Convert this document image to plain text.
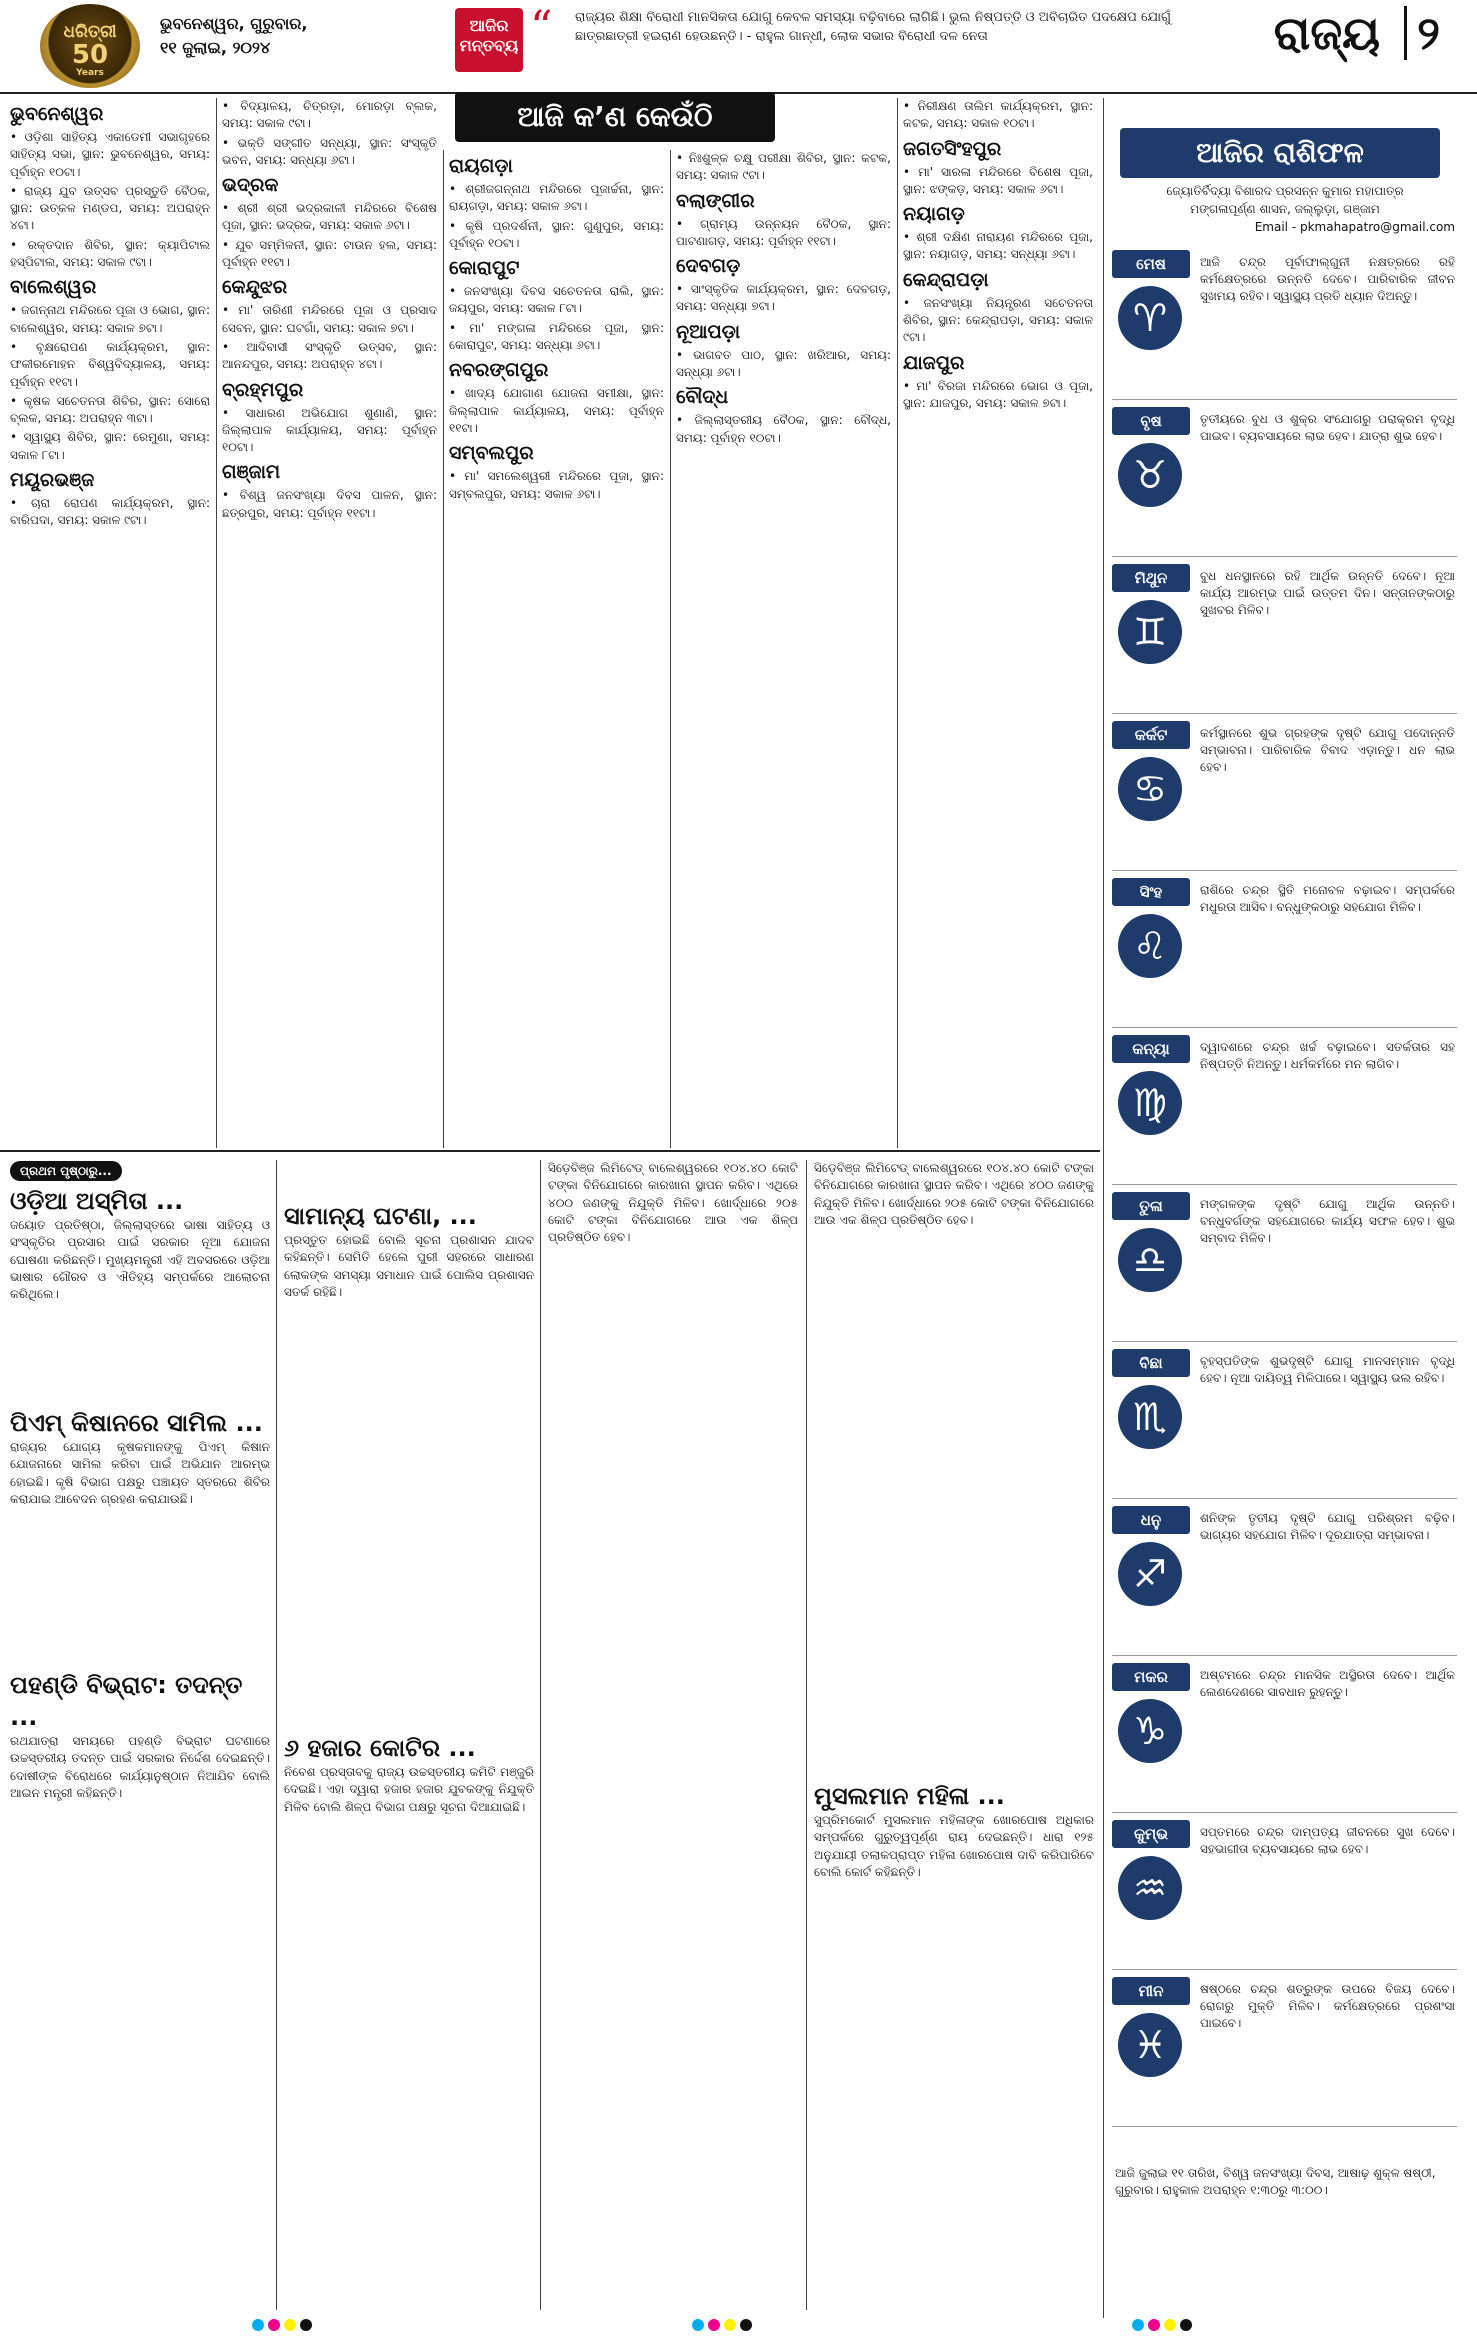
ଧରିତ୍ରୀ
50
Years
ଭୁବନେଶ୍ୱର, ଗୁରୁବାର,
୧୧ ଜୁଲାଇ, ୨୦୨୪
ଆଜିର
ମନ୍ତବ୍ୟ “ ରାଜ୍ୟର ଶିକ୍ଷା ବିରୋଧୀ ମାନସିକତା ଯୋଗୁ କେବଳ ସମସ୍ୟା ବଢ଼ିବାରେ ଲାଗିଛି। ଭୁଲ ନିଷ୍ପତ୍ତି ଓ ଅବିଚାରିତ ପଦକ୍ଷେପ ଯୋଗୁଁ ଛାତ୍ରଛାତ୍ରୀ ହଇରାଣ ହେଉଛନ୍ତି। - ରାହୁଲ ଗାନ୍ଧୀ, ଲୋକ ସଭାର ବିରୋଧୀ ଦଳ ନେତା	ରାଜ୍ୟ ୨
ଆଜି କ’ଣ କେଉଁଠି
ଭୁବନେଶ୍ୱର

• ଓଡ଼ିଶା ସାହିତ୍ୟ ଏକାଡେମୀ ସଭାଗୃହରେ ସାହିତ୍ୟ ସଭା, ସ୍ଥାନ: ଭୁବନେଶ୍ୱର, ସମୟ: ପୂର୍ବାହ୍ନ ୧୦ଟା।

• ରାଜ୍ୟ ଯୁବ ଉତ୍ସବ ପ୍ରସ୍ତୁତି ବୈଠକ, ସ୍ଥାନ: ଉତ୍କଳ ମଣ୍ଡପ, ସମୟ: ଅପରାହ୍ନ ୪ଟା।

• ରକ୍ତଦାନ ଶିବିର, ସ୍ଥାନ: କ୍ୟାପିଟାଲ ହସ୍ପିଟାଲ, ସମୟ: ସକାଳ ୯ଟା।

ବାଲେଶ୍ୱର

• ଜଗନ୍ନାଥ ମନ୍ଦିରରେ ପୂଜା ଓ ଭୋଗ, ସ୍ଥାନ: ବାଲେଶ୍ୱର, ସମୟ: ସକାଳ ୭ଟା।

• ବୃକ୍ଷରୋପଣ କାର୍ଯ୍ୟକ୍ରମ, ସ୍ଥାନ: ଫକୀରମୋହନ ବିଶ୍ୱବିଦ୍ୟାଳୟ, ସମୟ: ପୂର୍ବାହ୍ନ ୧୧ଟା।

• କୃଷକ ସଚେତନତା ଶିବିର, ସ୍ଥାନ: ସୋରୋ ବ୍ଲକ, ସମୟ: ଅପରାହ୍ନ ୩ଟା।

• ସ୍ୱାସ୍ଥ୍ୟ ଶିବିର, ସ୍ଥାନ: ରେମୁଣା, ସମୟ: ସକାଳ ୮ଟା।

ମୟୂରଭଞ୍ଜ

• ଚାରା ରୋପଣ କାର୍ଯ୍ୟକ୍ରମ, ସ୍ଥାନ: ବାରିପଦା, ସମୟ: ସକାଳ ୯ଟା।

• ବିଦ୍ୟାଳୟ, ଚିତ୍ରଡ଼ା, ମୋରଡ଼ା ବ୍ଲକ, ସମୟ: ସକାଳ ୯ଟା।

• ଭକ୍ତି ସଙ୍ଗୀତ ସନ୍ଧ୍ୟା, ସ୍ଥାନ: ସଂସ୍କୃତି ଭବନ, ସମୟ: ସନ୍ଧ୍ୟା ୬ଟା।

ଭଦ୍ରକ

• ଶ୍ରୀ ଶ୍ରୀ ଭଦ୍ରକାଳୀ ମନ୍ଦିରରେ ବିଶେଷ ପୂଜା, ସ୍ଥାନ: ଭଦ୍ରକ, ସମୟ: ସକାଳ ୬ଟା।

• ଯୁବ ସମ୍ମିଳନୀ, ସ୍ଥାନ: ଟାଉନ ହଲ, ସମୟ: ପୂର୍ବାହ୍ନ ୧୧ଟା।

କେନ୍ଦୁଝର

• ମା' ତାରିଣୀ ମନ୍ଦିରରେ ପୂଜା ଓ ପ୍ରସାଦ ସେବନ, ସ୍ଥାନ: ଘଟଗାଁ, ସମୟ: ସକାଳ ୭ଟା।

• ଆଦିବାସୀ ସଂସ୍କୃତି ଉତ୍ସବ, ସ୍ଥାନ: ଆନନ୍ଦପୁର, ସମୟ: ଅପରାହ୍ନ ୪ଟା।

ବ୍ରହ୍ମପୁର

• ସାଧାରଣ ଅଭିଯୋଗ ଶୁଣାଣି, ସ୍ଥାନ: ଜିଲ୍ଲାପାଳ କାର୍ଯ୍ୟାଳୟ, ସମୟ: ପୂର୍ବାହ୍ନ ୧୦ଟା।

ଗଞ୍ଜାମ

• ବିଶ୍ୱ ଜନସଂଖ୍ୟା ଦିବସ ପାଳନ, ସ୍ଥାନ: ଛତ୍ରପୁର, ସମୟ: ପୂର୍ବାହ୍ନ ୧୧ଟା।

ରାୟଗଡ଼ା

• ଶ୍ରୀଜଗନ୍ନାଥ ମନ୍ଦିରରେ ପୂଜାର୍ଚ୍ଚନା, ସ୍ଥାନ: ରାୟଗଡ଼ା, ସମୟ: ସକାଳ ୬ଟା।

• କୃଷି ପ୍ରଦର୍ଶନୀ, ସ୍ଥାନ: ଗୁଣୁପୁର, ସମୟ: ପୂର୍ବାହ୍ନ ୧୦ଟା।

କୋରାପୁଟ

• ଜନସଂଖ୍ୟା ଦିବସ ସଚେତନତା ରାଲି, ସ୍ଥାନ: ଜୟପୁର, ସମୟ: ସକାଳ ୮ଟା।

• ମା' ମଙ୍ଗଳା ମନ୍ଦିରରେ ପୂଜା, ସ୍ଥାନ: କୋରାପୁଟ, ସମୟ: ସନ୍ଧ୍ୟା ୬ଟା।

ନବରଙ୍ଗପୁର

• ଖାଦ୍ୟ ଯୋଗାଣ ଯୋଜନା ସମୀକ୍ଷା, ସ୍ଥାନ: ଜିଲ୍ଲାପାଳ କାର୍ଯ୍ୟାଳୟ, ସମୟ: ପୂର୍ବାହ୍ନ ୧୧ଟା।

ସମ୍ବଲପୁର

• ମା' ସମଲେଶ୍ୱରୀ ମନ୍ଦିରରେ ପୂଜା, ସ୍ଥାନ: ସମ୍ବଲପୁର, ସମୟ: ସକାଳ ୬ଟା।

• ନିଃଶୁଳ୍କ ଚକ୍ଷୁ ପରୀକ୍ଷା ଶିବିର, ସ୍ଥାନ: କଟକ, ସମୟ: ସକାଳ ୯ଟା।

ବଲାଙ୍ଗୀର

• ଗ୍ରାମ୍ୟ ଉନ୍ନୟନ ବୈଠକ, ସ୍ଥାନ: ପାଟଣାଗଡ଼, ସମୟ: ପୂର୍ବାହ୍ନ ୧୧ଟା।

ଦେବଗଡ଼

• ସାଂସ୍କୃତିକ କାର୍ଯ୍ୟକ୍ରମ, ସ୍ଥାନ: ଦେବଗଡ଼, ସମୟ: ସନ୍ଧ୍ୟା ୭ଟା।

ନୂଆପଡ଼ା

• ଭାଗବତ ପାଠ, ସ୍ଥାନ: ଖରିଆର, ସମୟ: ସନ୍ଧ୍ୟା ୬ଟା।

ବୌଦ୍ଧ

• ଜିଲ୍ଲାସ୍ତରୀୟ ବୈଠକ, ସ୍ଥାନ: ବୌଦ୍ଧ, ସମୟ: ପୂର୍ବାହ୍ନ ୧୦ଟା।

• ନିରୀକ୍ଷଣ ତାଲିମ କାର୍ଯ୍ୟକ୍ରମ, ସ୍ଥାନ: କଟକ, ସମୟ: ସକାଳ ୧୦ଟା।

ଜଗତସିଂହପୁର

• ମା' ସାରଳା ମନ୍ଦିରରେ ବିଶେଷ ପୂଜା, ସ୍ଥାନ: ଝଙ୍କଡ଼, ସମୟ: ସକାଳ ୬ଟା।

ନୟାଗଡ଼

• ଶ୍ରୀ ଦକ୍ଷିଣ ନାରାୟଣ ମନ୍ଦିରରେ ପୂଜା, ସ୍ଥାନ: ନୟାଗଡ଼, ସମୟ: ସନ୍ଧ୍ୟା ୬ଟା।

କେନ୍ଦ୍ରାପଡ଼ା

• ଜନସଂଖ୍ୟା ନିୟନ୍ତ୍ରଣ ସଚେତନତା ଶିବିର, ସ୍ଥାନ: କେନ୍ଦ୍ରାପଡ଼ା, ସମୟ: ସକାଳ ୯ଟା।

ଯାଜପୁର

• ମା' ବିରଜା ମନ୍ଦିରରେ ଭୋଗ ଓ ପୂଜା, ସ୍ଥାନ: ଯାଜପୁର, ସମୟ: ସକାଳ ୭ଟା।

ପ୍ରଥମ ପୃଷ୍ଠାରୁ...
ଓଡ଼ିଆ ଅସ୍ମିତା ...
ଜୟୋତ ପ୍ରତିଷ୍ଠା, ଜିଲ୍ଲାସ୍ତରେ ଭାଷା ସାହିତ୍ୟ ଓ ସଂସ୍କୃତିର ପ୍ରସାର ପାଇଁ ସରକାର ନୂଆ ଯୋଜନା ଘୋଷଣା କରିଛନ୍ତି। ମୁଖ୍ୟମନ୍ତ୍ରୀ ଏହି ଅବସରରେ ଓଡ଼ିଆ ଭାଷାର ଗୌରବ ଓ ଐତିହ୍ୟ ସମ୍ପର୍କରେ ଆଲୋଚନା କରିଥିଲେ।
ପିଏମ୍ କିଷାନରେ ସାମିଲ ...
ରାଜ୍ୟର ଯୋଗ୍ୟ କୃଷକମାନଙ୍କୁ ପିଏମ୍ କିଷାନ ଯୋଜନାରେ ସାମିଲ କରିବା ପାଇଁ ଅଭିଯାନ ଆରମ୍ଭ ହୋଇଛି। କୃଷି ବିଭାଗ ପକ୍ଷରୁ ପଞ୍ଚାୟତ ସ୍ତରରେ ଶିବିର କରାଯାଇ ଆବେଦନ ଗ୍ରହଣ କରାଯାଉଛି।
ପହଣ୍ଡି ବିଭ୍ରାଟ: ତଦନ୍ତ ...
ରଥଯାତ୍ରା ସମୟରେ ପହଣ୍ଡି ବିଭ୍ରାଟ ଘଟଣାରେ ଉଚ୍ଚସ୍ତରୀୟ ତଦନ୍ତ ପାଇଁ ସରକାର ନିର୍ଦ୍ଦେଶ ଦେଇଛନ୍ତି। ଦୋଷୀଙ୍କ ବିରୋଧରେ କାର୍ଯ୍ୟାନୁଷ୍ଠାନ ନିଆଯିବ ବୋଲି ଆଇନ ମନ୍ତ୍ରୀ କହିଛନ୍ତି।
ସାମାନ୍ୟ ଘଟଣା, ...
ପ୍ରସ୍ତୁତ ହୋଇଛି ବୋଲି ସୂଚନା ପ୍ରଶାସନ ଯାଦବ କହିଛନ୍ତି। ସେମିତି ହେଲେ ପୁରୀ ସହରରେ ସାଧାରଣ ଲୋକଙ୍କ ସମସ୍ୟା ସମାଧାନ ପାଇଁ ପୋଲିସ ପ୍ରଶାସନ ସତର୍କ ରହିଛି।
୬ ହଜାର କୋଟିର ...
ନିବେଶ ପ୍ରସ୍ତାବକୁ ରାଜ୍ୟ ଉଚ୍ଚସ୍ତରୀୟ କମିଟି ମଞ୍ଜୁରି ଦେଇଛି। ଏହା ଦ୍ୱାରା ହଜାର ହଜାର ଯୁବକଙ୍କୁ ନିଯୁକ୍ତି ମିଳିବ ବୋଲି ଶିଳ୍ପ ବିଭାଗ ପକ୍ଷରୁ ସୂଚନା ଦିଆଯାଇଛି।
ସିଡ଼େବିଞ୍ଜ ଲିମିଟେଡ୍ ବାଲେଶ୍ୱରରେ ୧୦୪.୪୦ କୋଟି ଟଙ୍କା ବିନିଯୋଗରେ କାରଖାନା ସ୍ଥାପନ କରିବ। ଏଥିରେ ୪୦୦ ଜଣଙ୍କୁ ନିଯୁକ୍ତି ମିଳିବ। ଖୋର୍ଦ୍ଧାରେ ୨୦୫ କୋଟି ଟଙ୍କା ବିନିଯୋଗରେ ଆଉ ଏକ ଶିଳ୍ପ ପ୍ରତିଷ୍ଠିତ ହେବ।
ସିଡ଼େବିଞ୍ଜ ଲିମିଟେଡ୍ ବାଲେଶ୍ୱରରେ ୧୦୪.୪୦ କୋଟି ଟଙ୍କା ବିନିଯୋଗରେ କାରଖାନା ସ୍ଥାପନ କରିବ। ଏଥିରେ ୪୦୦ ଜଣଙ୍କୁ ନିଯୁକ୍ତି ମିଳିବ। ଖୋର୍ଦ୍ଧାରେ ୨୦୫ କୋଟି ଟଙ୍କା ବିନିଯୋଗରେ ଆଉ ଏକ ଶିଳ୍ପ ପ୍ରତିଷ୍ଠିତ ହେବ।
ମୁସଲମାନ ମହିଳା ...
ସୁପ୍ରିମକୋର୍ଟ ମୁସଲମାନ ମହିଳାଙ୍କ ଖୋରପୋଷ ଅଧିକାର ସମ୍ପର୍କରେ ଗୁରୁତ୍ୱପୂର୍ଣ୍ଣ ରାୟ ଦେଇଛନ୍ତି। ଧାରା ୧୨୫ ଅନୁଯାୟୀ ତଲାକପ୍ରାପ୍ତ ମହିଳା ଖୋରପୋଷ ଦାବି କରିପାରିବେ ବୋଲି କୋର୍ଟ କହିଛନ୍ତି।
ଆଜିର ରାଶିଫଳ
ଜ୍ୟୋତିର୍ବିଦ୍ୟା ବିଶାରଦ ପ୍ରସନ୍ନ କୁମାର ମହାପାତ୍ର
ମଙ୍ଗଳାପୂର୍ଣ୍ଣ ଶାସନ, ଜଲ୍ଲୁଡ଼ା, ଗଞ୍ଜାମ
Email - pkmahapatro@gmail.com
ମେଷ
♈
ଆଜି ଚନ୍ଦ୍ର ପୂର୍ବାଫାଲ୍ଗୁନୀ ନକ୍ଷତ୍ରରେ ରହି କର୍ମକ୍ଷେତ୍ରରେ ଉନ୍ନତି ଦେବେ। ପାରିବାରିକ ଜୀବନ ସୁଖମୟ ରହିବ। ସ୍ୱାସ୍ଥ୍ୟ ପ୍ରତି ଧ୍ୟାନ ଦିଅନ୍ତୁ।
ବୃଷ
♉
ତୃତୀୟରେ ବୁଧ ଓ ଶୁକ୍ର ସଂଯୋଗରୁ ପରାକ୍ରମ ବୃଦ୍ଧି ପାଇବ। ବ୍ୟବସାୟରେ ଲାଭ ହେବ। ଯାତ୍ରା ଶୁଭ ହେବ।
ମିଥୁନ
♊
ବୁଧ ଧନସ୍ଥାନରେ ରହି ଆର୍ଥିକ ଉନ୍ନତି ଦେବେ। ନୂଆ କାର୍ଯ୍ୟ ଆରମ୍ଭ ପାଇଁ ଉତ୍ତମ ଦିନ। ସନ୍ତାନଙ୍କଠାରୁ ସୁଖବର ମିଳିବ।
କର୍କଟ
♋
କର୍ମସ୍ଥାନରେ ଶୁଭ ଗ୍ରହଙ୍କ ଦୃଷ୍ଟି ଯୋଗୁ ପଦୋନ୍ନତି ସମ୍ଭାବନା। ପାରିବାରିକ ବିବାଦ ଏଡ଼ାନ୍ତୁ। ଧନ ଲାଭ ହେବ।
ସିଂହ
♌
ରାଶିରେ ଚନ୍ଦ୍ର ସ୍ଥିତି ମନୋବଳ ବଢ଼ାଇବ। ସମ୍ପର୍କରେ ମଧୁରତା ଆସିବ। ବନ୍ଧୁଙ୍କଠାରୁ ସହଯୋଗ ମିଳିବ।
କନ୍ୟା
♍
ଦ୍ୱାଦଶରେ ଚନ୍ଦ୍ର ଖର୍ଚ୍ଚ ବଢ଼ାଇବେ। ସତର୍କତାର ସହ ନିଷ୍ପତ୍ତି ନିଅନ୍ତୁ। ଧର୍ମକର୍ମରେ ମନ ଲାଗିବ।
ତୁଳା
♎
ମଙ୍ଗଳଙ୍କ ଦୃଷ୍ଟି ଯୋଗୁ ଆର୍ଥିକ ଉନ୍ନତି। ବନ୍ଧୁବର୍ଗଙ୍କ ସହଯୋଗରେ କାର୍ଯ୍ୟ ସଫଳ ହେବ। ଶୁଭ ସମ୍ବାଦ ମିଳିବ।
ବିଛା
♏
ବୃହସ୍ପତିଙ୍କ ଶୁଭଦୃଷ୍ଟି ଯୋଗୁ ମାନସମ୍ମାନ ବୃଦ୍ଧି ହେବ। ନୂଆ ଦାୟିତ୍ୱ ମିଳିପାରେ। ସ୍ୱାସ୍ଥ୍ୟ ଭଲ ରହିବ।
ଧନୁ
♐
ଶନିଙ୍କ ତୃତୀୟ ଦୃଷ୍ଟି ଯୋଗୁ ପରିଶ୍ରମ ବଢ଼ିବ। ଭାଗ୍ୟର ସହଯୋଗ ମିଳିବ। ଦୂରଯାତ୍ରା ସମ୍ଭାବନା।
ମକର
♑
ଅଷ୍ଟମରେ ଚନ୍ଦ୍ର ମାନସିକ ଅସ୍ଥିରତା ଦେବେ। ଆର୍ଥିକ ଲେଣଦେଣରେ ସାବଧାନ ରୁହନ୍ତୁ।
କୁମ୍ଭ
♒
ସପ୍ତମରେ ଚନ୍ଦ୍ର ଦାମ୍ପତ୍ୟ ଜୀବନରେ ସୁଖ ଦେବେ। ସହଭାଗୀତା ବ୍ୟବସାୟରେ ଲାଭ ହେବ।
ମୀନ
♓
ଷଷ୍ଠରେ ଚନ୍ଦ୍ର ଶତ୍ରୁଙ୍କ ଉପରେ ବିଜୟ ଦେବେ। ରୋଗରୁ ମୁକ୍ତି ମିଳିବ। କର୍ମକ୍ଷେତ୍ରରେ ପ୍ରଶଂସା ପାଇବେ।
ଆଜି ଜୁଲାଇ ୧୧ ତାରିଖ, ବିଶ୍ୱ ଜନସଂଖ୍ୟା ଦିବସ, ଆଷାଢ଼ ଶୁକ୍ଳ ଷଷ୍ଠୀ, ଗୁରୁବାର। ରାହୁକାଳ ଅପରାହ୍ନ ୧:୩୦ରୁ ୩:୦୦।
